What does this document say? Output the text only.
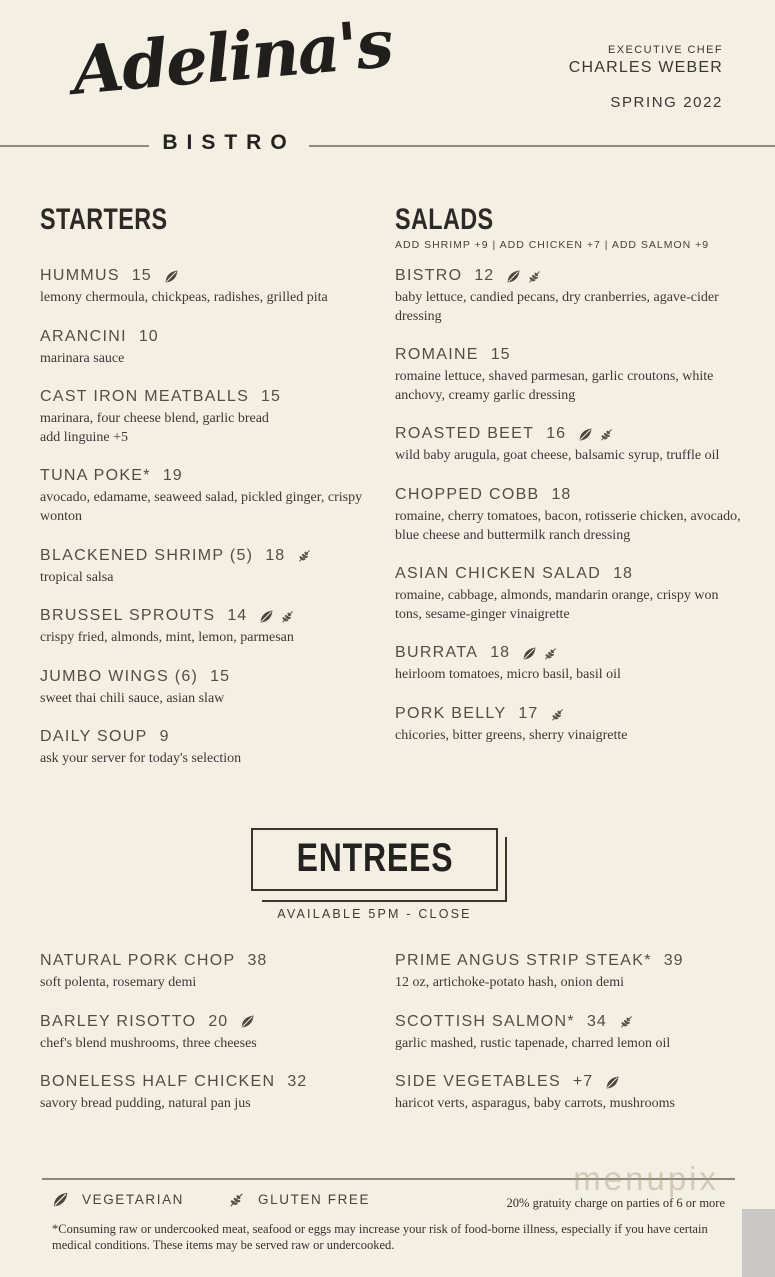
Adelina's
BISTRO
EXECUTIVE CHEF
CHARLES WEBER
SPRING 2022
STARTERS
HUMMUS 15
lemony chermoula, chickpeas, radishes, grilled pita
ARANCINI 10
marinara sauce
CAST IRON MEATBALLS 15
marinara, four cheese blend, garlic bread
add linguine +5
TUNA POKE* 19
avocado, edamame, seaweed salad, pickled ginger, crispy wonton
BLACKENED SHRIMP (5) 18
tropical salsa
BRUSSEL SPROUTS 14
crispy fried, almonds, mint, lemon, parmesan
JUMBO WINGS (6) 15
sweet thai chili sauce, asian slaw
DAILY SOUP 9
ask your server for today's selection
SALADS
ADD SHRIMP +9 | ADD CHICKEN +7 | ADD SALMON +9
BISTRO 12
baby lettuce, candied pecans, dry cranberries, agave-cider dressing
ROMAINE 15
romaine lettuce, shaved parmesan, garlic croutons, white anchovy, creamy garlic dressing
ROASTED BEET 16
wild baby arugula, goat cheese, balsamic syrup, truffle oil
CHOPPED COBB 18
romaine, cherry tomatoes, bacon, rotisserie chicken, avocado, blue cheese and buttermilk ranch dressing
ASIAN CHICKEN SALAD 18
romaine, cabbage, almonds, mandarin orange, crispy won tons, sesame-ginger vinaigrette
BURRATA 18
heirloom tomatoes, micro basil, basil oil
PORK BELLY 17
chicories, bitter greens, sherry vinaigrette
ENTREES
AVAILABLE 5PM - CLOSE
NATURAL PORK CHOP 38
soft polenta, rosemary demi
BARLEY RISOTTO 20
chef's blend mushrooms, three cheeses
BONELESS HALF CHICKEN 32
savory bread pudding, natural pan jus
PRIME ANGUS STRIP STEAK* 39
12 oz, artichoke-potato hash, onion demi
SCOTTISH SALMON* 34
garlic mashed, rustic tapenade, charred lemon oil
SIDE VEGETABLES +7
haricot verts, asparagus, baby carrots, mushrooms
menupix
VEGETARIAN	GLUTEN FREE	20% gratuity charge on parties of 6 or more
*Consuming raw or undercooked meat, seafood or eggs may increase your risk of food-borne illness, especially if you have certain medical conditions. These items may be served raw or undercooked.
